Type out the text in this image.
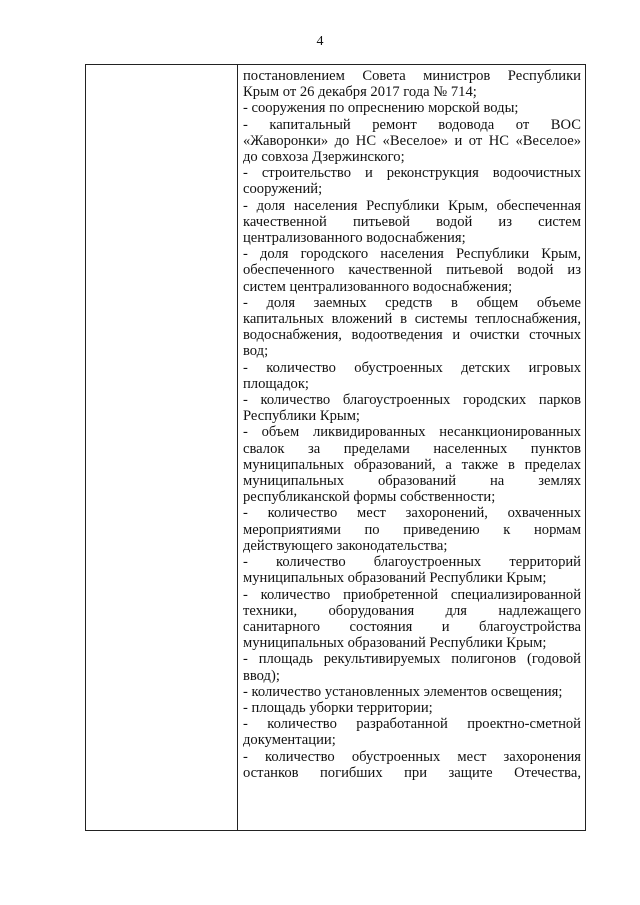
4
постановлением Совета министров Республики
Крым от 26 декабря 2017 года № 714;
- сооружения по опреснению морской воды;
- капитальный ремонт водовода от ВОС
«Жаворонки» до НС «Веселое» и от НС «Веселое»
до совхоза Дзержинского;
- строительство и реконструкция водоочистных
сооружений;
- доля населения Республики Крым, обеспеченная
качественной питьевой водой из систем
централизованного водоснабжения;
- доля городского населения Республики Крым,
обеспеченного качественной питьевой водой из
систем централизованного водоснабжения;
- доля заемных средств в общем объеме
капитальных вложений в системы теплоснабжения,
водоснабжения, водоотведения и очистки сточных
вод;
- количество обустроенных детских игровых
площадок;
- количество благоустроенных городских парков
Республики Крым;
- объем ликвидированных несанкционированных
свалок за пределами населенных пунктов
муниципальных образований, а также в пределах
муниципальных образований на землях
республиканской формы собственности;
- количество мест захоронений, охваченных
мероприятиями по приведению к нормам
действующего законодательства;
- количество благоустроенных территорий
муниципальных образований Республики Крым;
- количество приобретенной специализированной
техники, оборудования для надлежащего
санитарного состояния и благоустройства
муниципальных образований Республики Крым;
- площадь рекультивируемых полигонов (годовой
ввод);
- количество установленных элементов освещения;
- площадь уборки территории;
- количество разработанной проектно-сметной
документации;
- количество обустроенных мест захоронения
останков погибших при защите Отечества,
